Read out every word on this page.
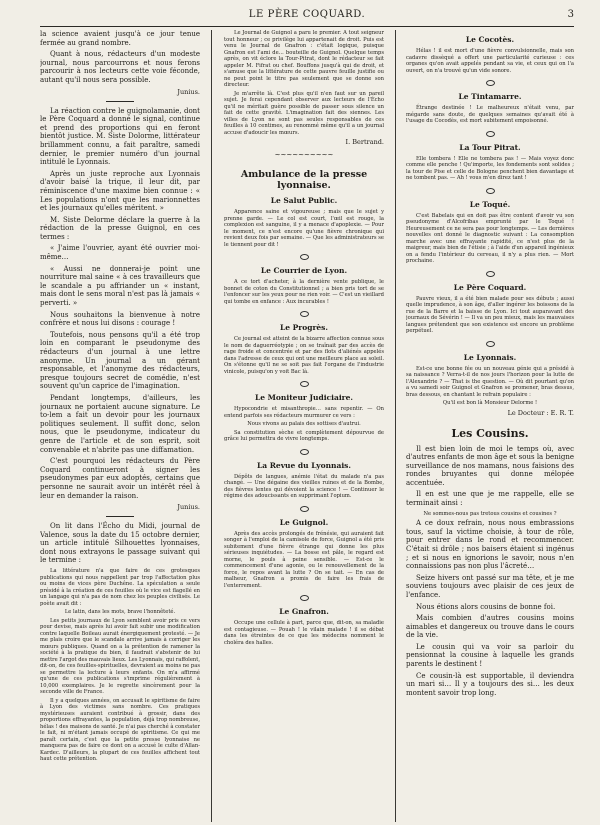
LE PÈRE COQUARD.	3

la science avaient jusqu'à ce jour tenue fermée au grand nombre.

Quant à nous, rédacteurs d'un modeste journal, nous parcourrons et nous ferons parcourir à nos lecteurs cette voie féconde, autant qu'il nous sera possible.

Junius.

La réaction contre le guignolamanie, dont le Père Coquard a donné le signal, continue et prend des proportions qui en feront bientôt justice. M. Siste Dolorme, littérateur brillamment connu, a fait paraître, samedi dernier, le premier numéro d'un journal intitulé le Lyonnais.

Après un juste reproche aux Lyonnais d'avoir baisé la trique, il leur dit, par réminiscence d'une maxime bien connue : « Les populations n'ont que les marionnettes et les journaux qu'elles méritent. »

M. Siste Delorme déclare la guerre à la rédaction de la presse Guignol, en ces termes :

« J'aime l'ouvrier, ayant été ouvrier moi-même…

« Aussi ne donnerai-je point une nourriture mal saine « à ces travailleurs que le scandale a pu affriander un « instant, mais dont le sens moral n'est pas là jamais « perverti. »

Nous souhaitons la bienvenue à notre confrère et nous lui disons : courage !

Toutefois, nous pensons qu'il a été trop loin en comparant le pseudonyme des rédacteurs d'un journal à une lettre anonyme. Un journal a un gérant responsable, et l'anonyme des rédacteurs, presque toujours secret de comédie, n'est souvent qu'un caprice de l'imagination.

Pendant longtemps, d'ailleurs, les journaux ne portaient aucune signature. Le to-lem a fait un devoir pour les journaux politiques seulement. Il suffit donc, selon nous, que le pseudonyme, indicateur du genre de l'article et de son esprit, soit convenable et n'abrite pas une diffamation.

C'est pourquoi les rédacteurs du Père Coquard continueront à signer les pseudonymes par eux adoptés, certains que personne ne saurait avoir un intérêt réel à leur en demander la raison.

Junius.

On lit dans l'Écho du Midi, journal de Valence, sous la date du 15 octobre dernier, un article intitulé Silhouettes lyonnaises, dont nous extrayons le passage suivant qui le termine :

La littérature n'a que faire de ces grotesques publications qui nous rappellent par trop l'affectation plus ou moins de vices père Duchêne. La spéculation a seule présidé à la création de ces feuilles où le vice est flagellé en un langage qui n'a pas de nom chez les peuples civilisés. Le poète avait dit :

Le latin, dans les mots, brave l'honnêteté.

Les petits journaux de Lyon semblent avoir pris ce vers pour devise, mais après lui avoir fait subir une modification contre laquelle Boileau aurait énergiquement protesté. — Je me plais croire que le scandale arrive jamais à corriger les mœurs publiques. Quand on a la prétention de ramener la société à la pratique du bien, il faudrait s'abstenir de lui mettre l'argot des mauvais lieux. Les Lyonnais, qui raffolent, dit-on, de ces feuilles-spirituelles, devraient au moins ne pas se permettre la lecture à leurs enfants. On m'a affirmé qu'une de ces publications s'imprime régulièrement à 10,000 exemplaires. Je le regrette sincèrement pour la seconde ville de France.

Il y a quelques années, on accusait le spiritisme de faire à Lyon des victimes sans nombre. Ces pratiques mystérieuses auraient contribué à grossir, dans des proportions effrayantes, la population, déjà trop nombreuse, hélas ! des maisons de santé. Je n'ai pas cherché à constater le fait, ni m'étant jamais occupé de spiritisme. Ce qui me paraît certain, c'est que la petite presse lyonnaise ne manquera pas de faire ce dont on a accusé le culte d'Allan-Kardec. D'ailleurs, la plupart de ces feuilles affichent tout haut cette prétention.

Le Journal de Guignol a paru le premier. A tout seigneur tout honneur ; ce privilège lui appartenait de droit. Puis est venu le Journal de Gnafron : c'était logique, puisque Gnafron est l'ami de… bouteille de Guignol. Quelque temps après, on vit éclore la Tour-Pitrat, dont le rédacteur se fait appeler M. Fifrat ou chef. Bouffons jusqu'à qui de droit, et s'amuse que la littérature de cette pauvre feuille justifie ou ne peut point le titre pas seulement que se donne son directeur.

Je m'arrête là. C'est plus qu'il n'en faut sur un pareil sujet. Je ferai cependant observer aux lecteurs de l'Écho qu'il ne méritait guère possible de passer sous silence un fait de cette gravité. L'imagination fait des siennes. Les villes de Lyon ne sont pas seules responsables de ces feuilles à 10 centimes, au renommé même qu'il a un journal accuse d'adoucir les mœurs.

I. Bertrand.
~~~~~~~~~~
Ambulance de la presse lyonnaise.
Le Salut Public.

Apparence saine et vigoureuse ; mais que le sujet y prenne garde. — Le col est court, l'œil est rouge, la complexion est sanguine, il y a menace d'apoplexie. — Pour le moment, ce n'est encore qu'une fièvre chronique qui revient deux fois par semaine. — Que les administrateurs se le tiennent pour dit !

Le Courrier de Lyon.

A ce tort d'acheter, à la dernière vente publique, le bonnet de coton du Constitutionnel ; a bien pris tort de se l'enfoncer sur les yeux pour ne rien voir. — C'est un vieillard qui tombe en enfance : Aux incurables !

Le Progrès.

Ce journal est atteint de la bizarre affection connue sous le nom de daguerréotypie ; on se traînait par des accès de rage froide et concentrée et par des flots d'aliénés appelés dans l'adresse de ceux qui ont une meilleure place au soleil. On s'étonne qu'il ne se soit pas fait l'organe de l'industrie vinicole, puisqu'on y voit Bac là.

Le Moniteur Judiciaire.

Hypocondrie et misanthropie… sans repentir. — On entend parfois ses rédacteurs murmurer ce vers :

Nous vivons au palais des sottises d'autrui.

Sa constitution sèche et complètement dépourvue de grâce lui permettra de vivre longtemps.

La Revue du Lyonnais.

Dépôts de langues, anémie l'état du malade n'a pas changé. — Une dégaine des vieilles ruines et de la Bombe, des fièvres lentes qui dévoient la science ! — Continuer le régime des adoucissants en supprimant l'opium.

Le Guignol.

Après des accès prolongés de frénésie, qui auraient fait songer à l'emploi de la camisole de force, Guignol a été pris subitement d'une fièvre étrange qui donne les plus sérieuses inquiétudes. — La bosse est pâle, le regard est morne, le pouls à peine sensible. — Est-ce le commencement d'une agonie, ou le renouvellement de la force, le repos avant la lutte ? On se tait. — En cas de malheur, Gnafron a promis de faire les frais de l'enterrement.

Le Gnafron.

Occupe une cellule à part, parce que, dit-on, sa maladie est contagieuse. — Pouah ! le vilain malade ! il se débat dans les étreintes de ce que les médecins nomment le choléra des halles.

Le Cocotès.

Hélas ! il est mort d'une fièvre convulsionnelle, mais son cadavre dissèqué a offert une particularité curieuse : ces organes qu'on avait appelés pendant sa vie, et ceux qui on l'a ouvert, on n'a trouvé qu'un vide sonore.

Le Tintamarre.

Étrange destinée ! Le malheureux n'était venu, par mégarde sans doute, de quelques semaines qu'avait été à l'usage du Cocodès, est mort subitement empoisonné.

La Tour Pitrat.

Elle tombera ! Elle ne tombera pas ! — Mais voyez donc comme elle penche ! Qu'importe, les fondements sont solides ; la tour de Pise et celle de Bologne penchent bien davantage et ne tombent pas. — Ah ! vous m'en direz tant !

Le Toqué.

C'est Babelais qui en doit pas être content d'avoir vu son pseudonyme d'Alcofribas emprunté par le Toqué ! Heureusement ce ne sera pas pour longtemps. — Les dernières nouvelles ont donné le diagnostic suivant : La consomption marche avec une effrayante rapidité, ce n'est plus de la maigreur, mais bien de l'étisie ; à l'aide d'un appareil ingénieux on a fendu l'intérieur du cerveau, il n'y a plus rien. — Mort prochaine.

Le Père Coquard.

Pauvre vieux, il a été bien malade pour ses débuts ; aussi quelle imprudence, à son âge, d'aller ingérer les boissons de la rue de la Barre et la baisse de Lyon. Ici tout auparavant des journaux de Sévérin ! — Il va un peu mieux, mais les mauvaises langues prétendent que son existence est encore un problème perpétuel.

Le Lyonnais.

Est-ce une bonne fée ou un nouveau génie qui a présidé à sa naissance ? Verra-t-il de nos jours l'horizon pour la lutte de l'Alexandrie ? — That is the question. — Où dit pourtant qu'on a vu samedi soir Guignol et Gnafron se promener, bras dessus, bras dessous, en chantant le refrain populaire :

Qu'il est bon là Monsieur Delorme !

Le Docteur : E. R. T.
Les Cousins.

Il est bien loin de moi le temps où, avec d'autres enfants de mon âge et sous la benigne surveillance de nos mamans, nous faisions des rondes bruyantes qui donne mélopée accentuée.

Il en est une que je me rappelle, elle se terminait ainsi :

Ne sommes-nous pas tretous cousins et cousines ?

A ce doux refrain, nous nous embrassions tous, sauf la victime choisie, à tour de rôle, pour entrer dans le rond et recommencer. C'était si drôle ; nos baisers étaient si ingénus ; et si nous en ignorions le savoir, nous n'en connaissions pas non plus l'âcreté…

Seize hivers ont passé sur ma tête, et je me souviens toujours avec plaisir de ces jeux de l'enfance.

Nous étions alors cousins de bonne foi.

Mais combien d'autres cousins moins aimables et dangereux ou trouve dans le cours de la vie.

Le cousin qui va voir sa parloir du pensionnat la cousine à laquelle les grands parents le destinent !

Ce cousin-là est supportable, il deviendra un mari si… Il y a toujours des si… les deux montent savoir trop long.
